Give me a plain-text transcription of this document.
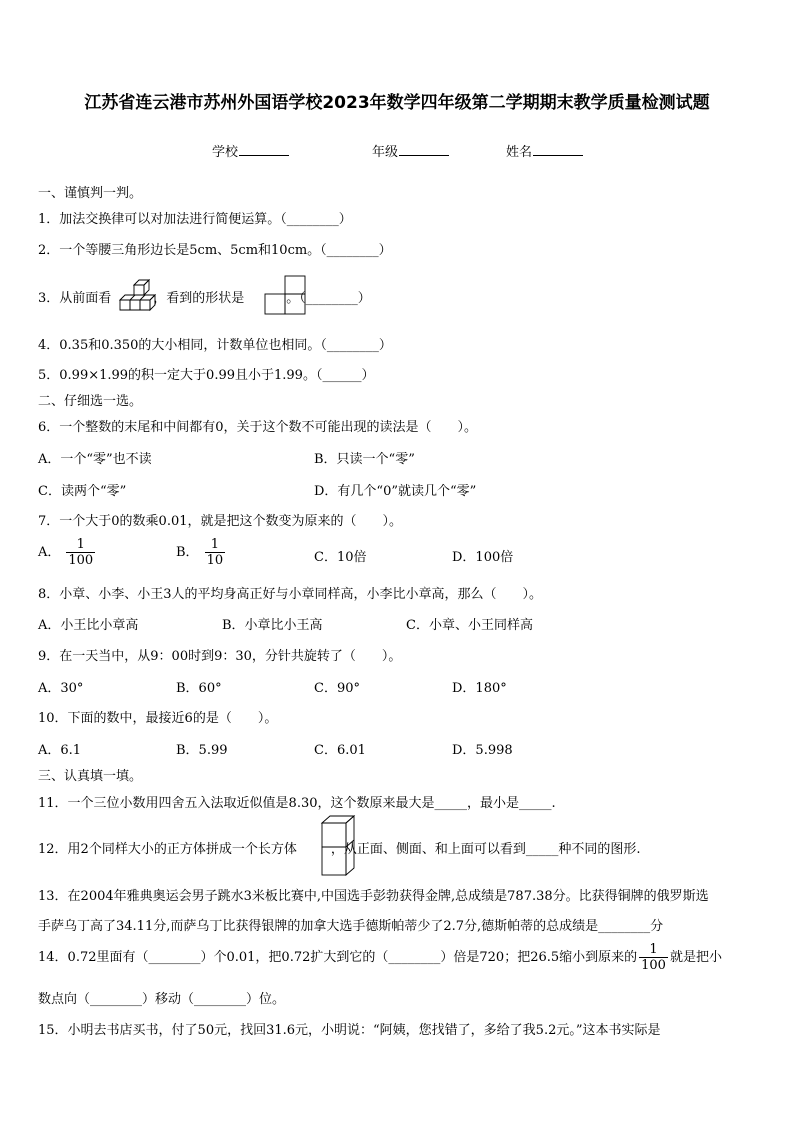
江苏省连云港市苏州外国语学校2023年数学四年级第二学期期末教学质量检测试题
学校	年级	姓名
一、谨慎判一判。
1．加法交换律可以对加法进行简便运算。（________）
2．一个等腰三角形边长是5cm、5cm和10cm。（________）
3．从前面看	，看到的形状是	。（________）
4．0.35和0.350的大小相同，计数单位也相同。（________）
5．0.99×1.99的积一定大于0.99且小于1.99。（______）
二、仔细选一选。
6．一个整数的末尾和中间都有0，关于这个数不可能出现的读法是（　　）。
A．一个“零”也不读	B．只读一个“零”
C．读两个“零”	D．有几个“0”就读几个“零”
7．一个大于0的数乘0.01，就是把这个数变为原来的（　　）。
A． $\frac{1}{100}$	B． $\frac{1}{10}$	C．10倍	D．100倍
8．小章、小李、小王3人的平均身高正好与小章同样高，小李比小章高，那么（　　）。
A．小王比小章高	B．小章比小王高	C．小章、小王同样高
9．在一天当中，从9：00时到9：30，分针共旋转了（　　）。
A．30°	B．60°	C．90°	D．180°
10．下面的数中，最接近6的是（　　）。
A．6.1	B．5.99	C．6.01	D．5.998
三、认真填一填。
11．一个三位小数用四舍五入法取近似值是8.30，这个数原来最大是_____，最小是_____.
12．用2个同样大小的正方体拼成一个长方体	，从正面、侧面、和上面可以看到_____种不同的图形.
13．在2004年雅典奥运会男子跳水3米板比赛中,中国选手彭勃获得金牌,总成绩是787.38分。比获得铜牌的俄罗斯选
手萨乌丁高了34.11分,而萨乌丁比获得银牌的加拿大选手德斯帕蒂少了2.7分,德斯帕蒂的总成绩是________分
14．0.72里面有（________）个0.01，把0.72扩大到它的（________）倍是720；把26.5缩小到原来的 $\frac{1}{100}$ 就是把小
数点向（________）移动（________）位。
15．小明去书店买书，付了50元，找回31.6元，小明说：“阿姨，您找错了，多给了我5.2元。”这本书实际是
